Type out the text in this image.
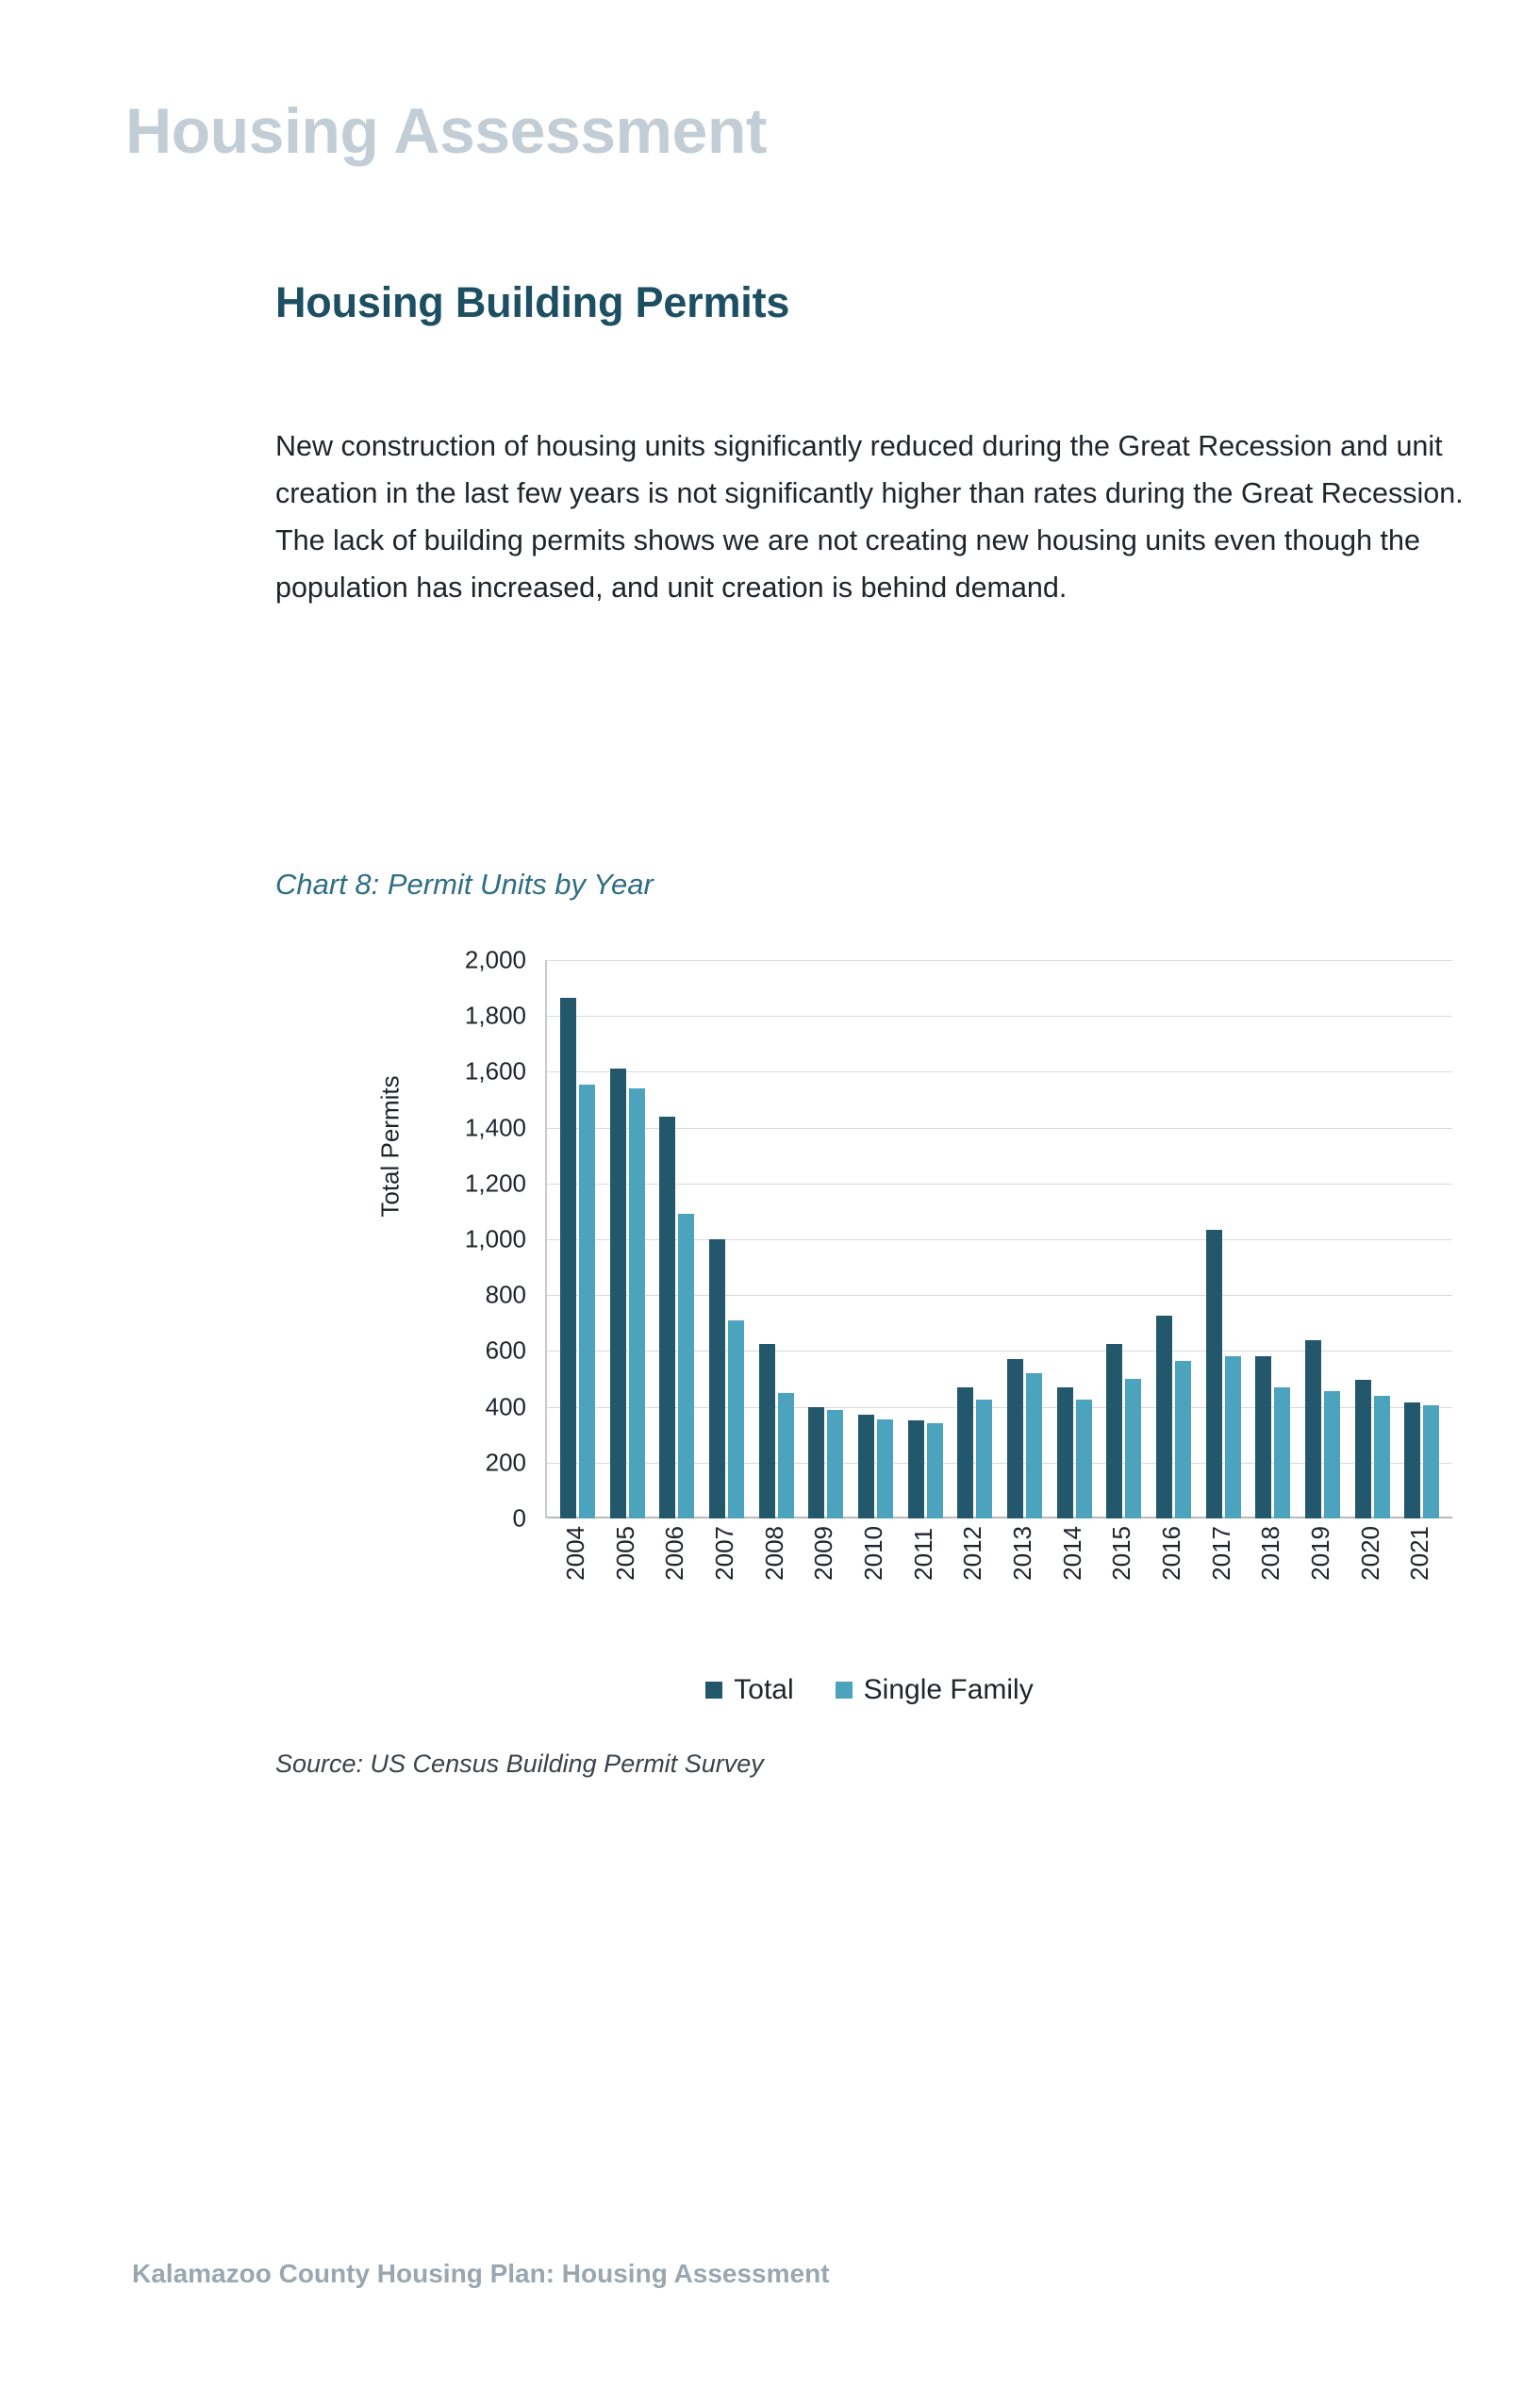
Housing Assessment
Housing Building Permits
New construction of housing units significantly reduced during the Great Recession and unit creation in the last few years is not significantly higher than rates during the Great Recession. The lack of building permits shows we are not creating new housing units even though the population has increased, and unit creation is behind demand.
Chart 8: Permit Units by Year
Total Permits
0
200
400
600
800
1,000
1,200
1,400
1,600
1,800
2,000
2004 2005 2006 2007 2008 2009 2010 2011 2012 2013 2014 2015 2016 2017 2018 2019 2020 2021
Total Single Family
Source: US Census Building Permit Survey
Kalamazoo County Housing Plan: Housing Assessment
